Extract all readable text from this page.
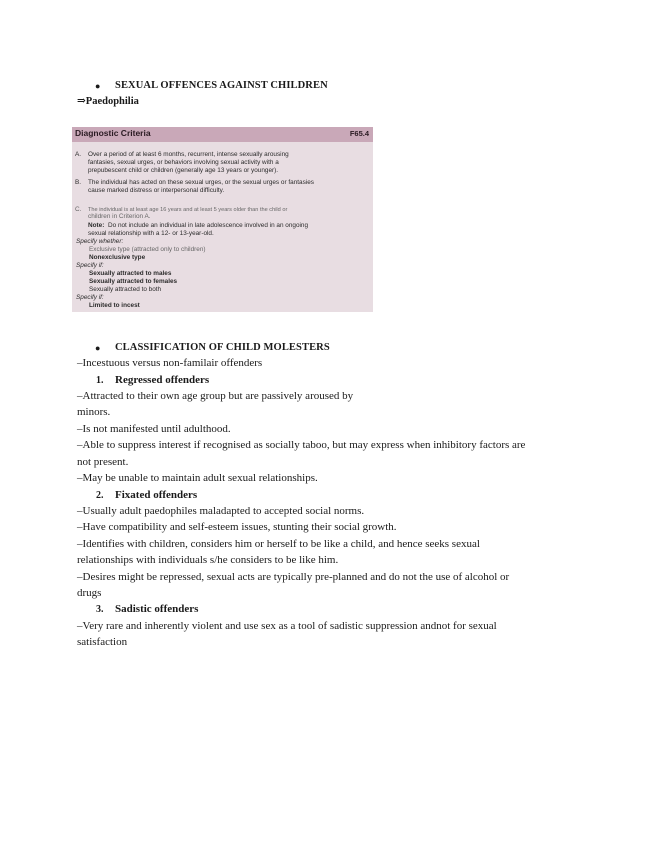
● SEXUAL OFFENCES AGAINST CHILDREN
⇒Paedophilia
Diagnostic Criteria	F65.4
A. Over a period of at least 6 months, recurrent, intense sexually arousing
fantasies, sexual urges, or behaviors involving sexual activity with a
prepubescent child or children (generally age 13 years or younger).
B. The individual has acted on these sexual urges, or the sexual urges or fantasies
cause marked distress or interpersonal difficulty.
C. The individual is at least age 16 years and at least 5 years older than the child or
children in Criterion A.
Note: Do not include an individual in late adolescence involved in an ongoing
sexual relationship with a 12- or 13-year-old.
Specify whether:
Exclusive type (attracted only to children)
Nonexclusive type
Specify if:
Sexually attracted to males
Sexually attracted to females
Sexually attracted to both
Specify if:
Limited to incest
● CLASSIFICATION OF CHILD MOLESTERS
–Incestuous versus non-familair offenders
1. Regressed offenders
–Attracted to their own age group but are passively aroused by
minors.
–Is not manifested until adulthood.
–Able to suppress interest if recognised as socially taboo, but may express when inhibitory factors are
not present.
–May be unable to maintain adult sexual relationships.
2. Fixated offenders
–Usually adult paedophiles maladapted to accepted social norms.
–Have compatibility and self-esteem issues, stunting their social growth.
–Identifies with children, considers him or herself to be like a child, and hence seeks sexual
relationships with individuals s/he considers to be like him.
–Desires might be repressed, sexual acts are typically pre-planned and do not the use of alcohol or
drugs
3. Sadistic offenders
–Very rare and inherently violent and use sex as a tool of sadistic suppression andnot for sexual
satisfaction
